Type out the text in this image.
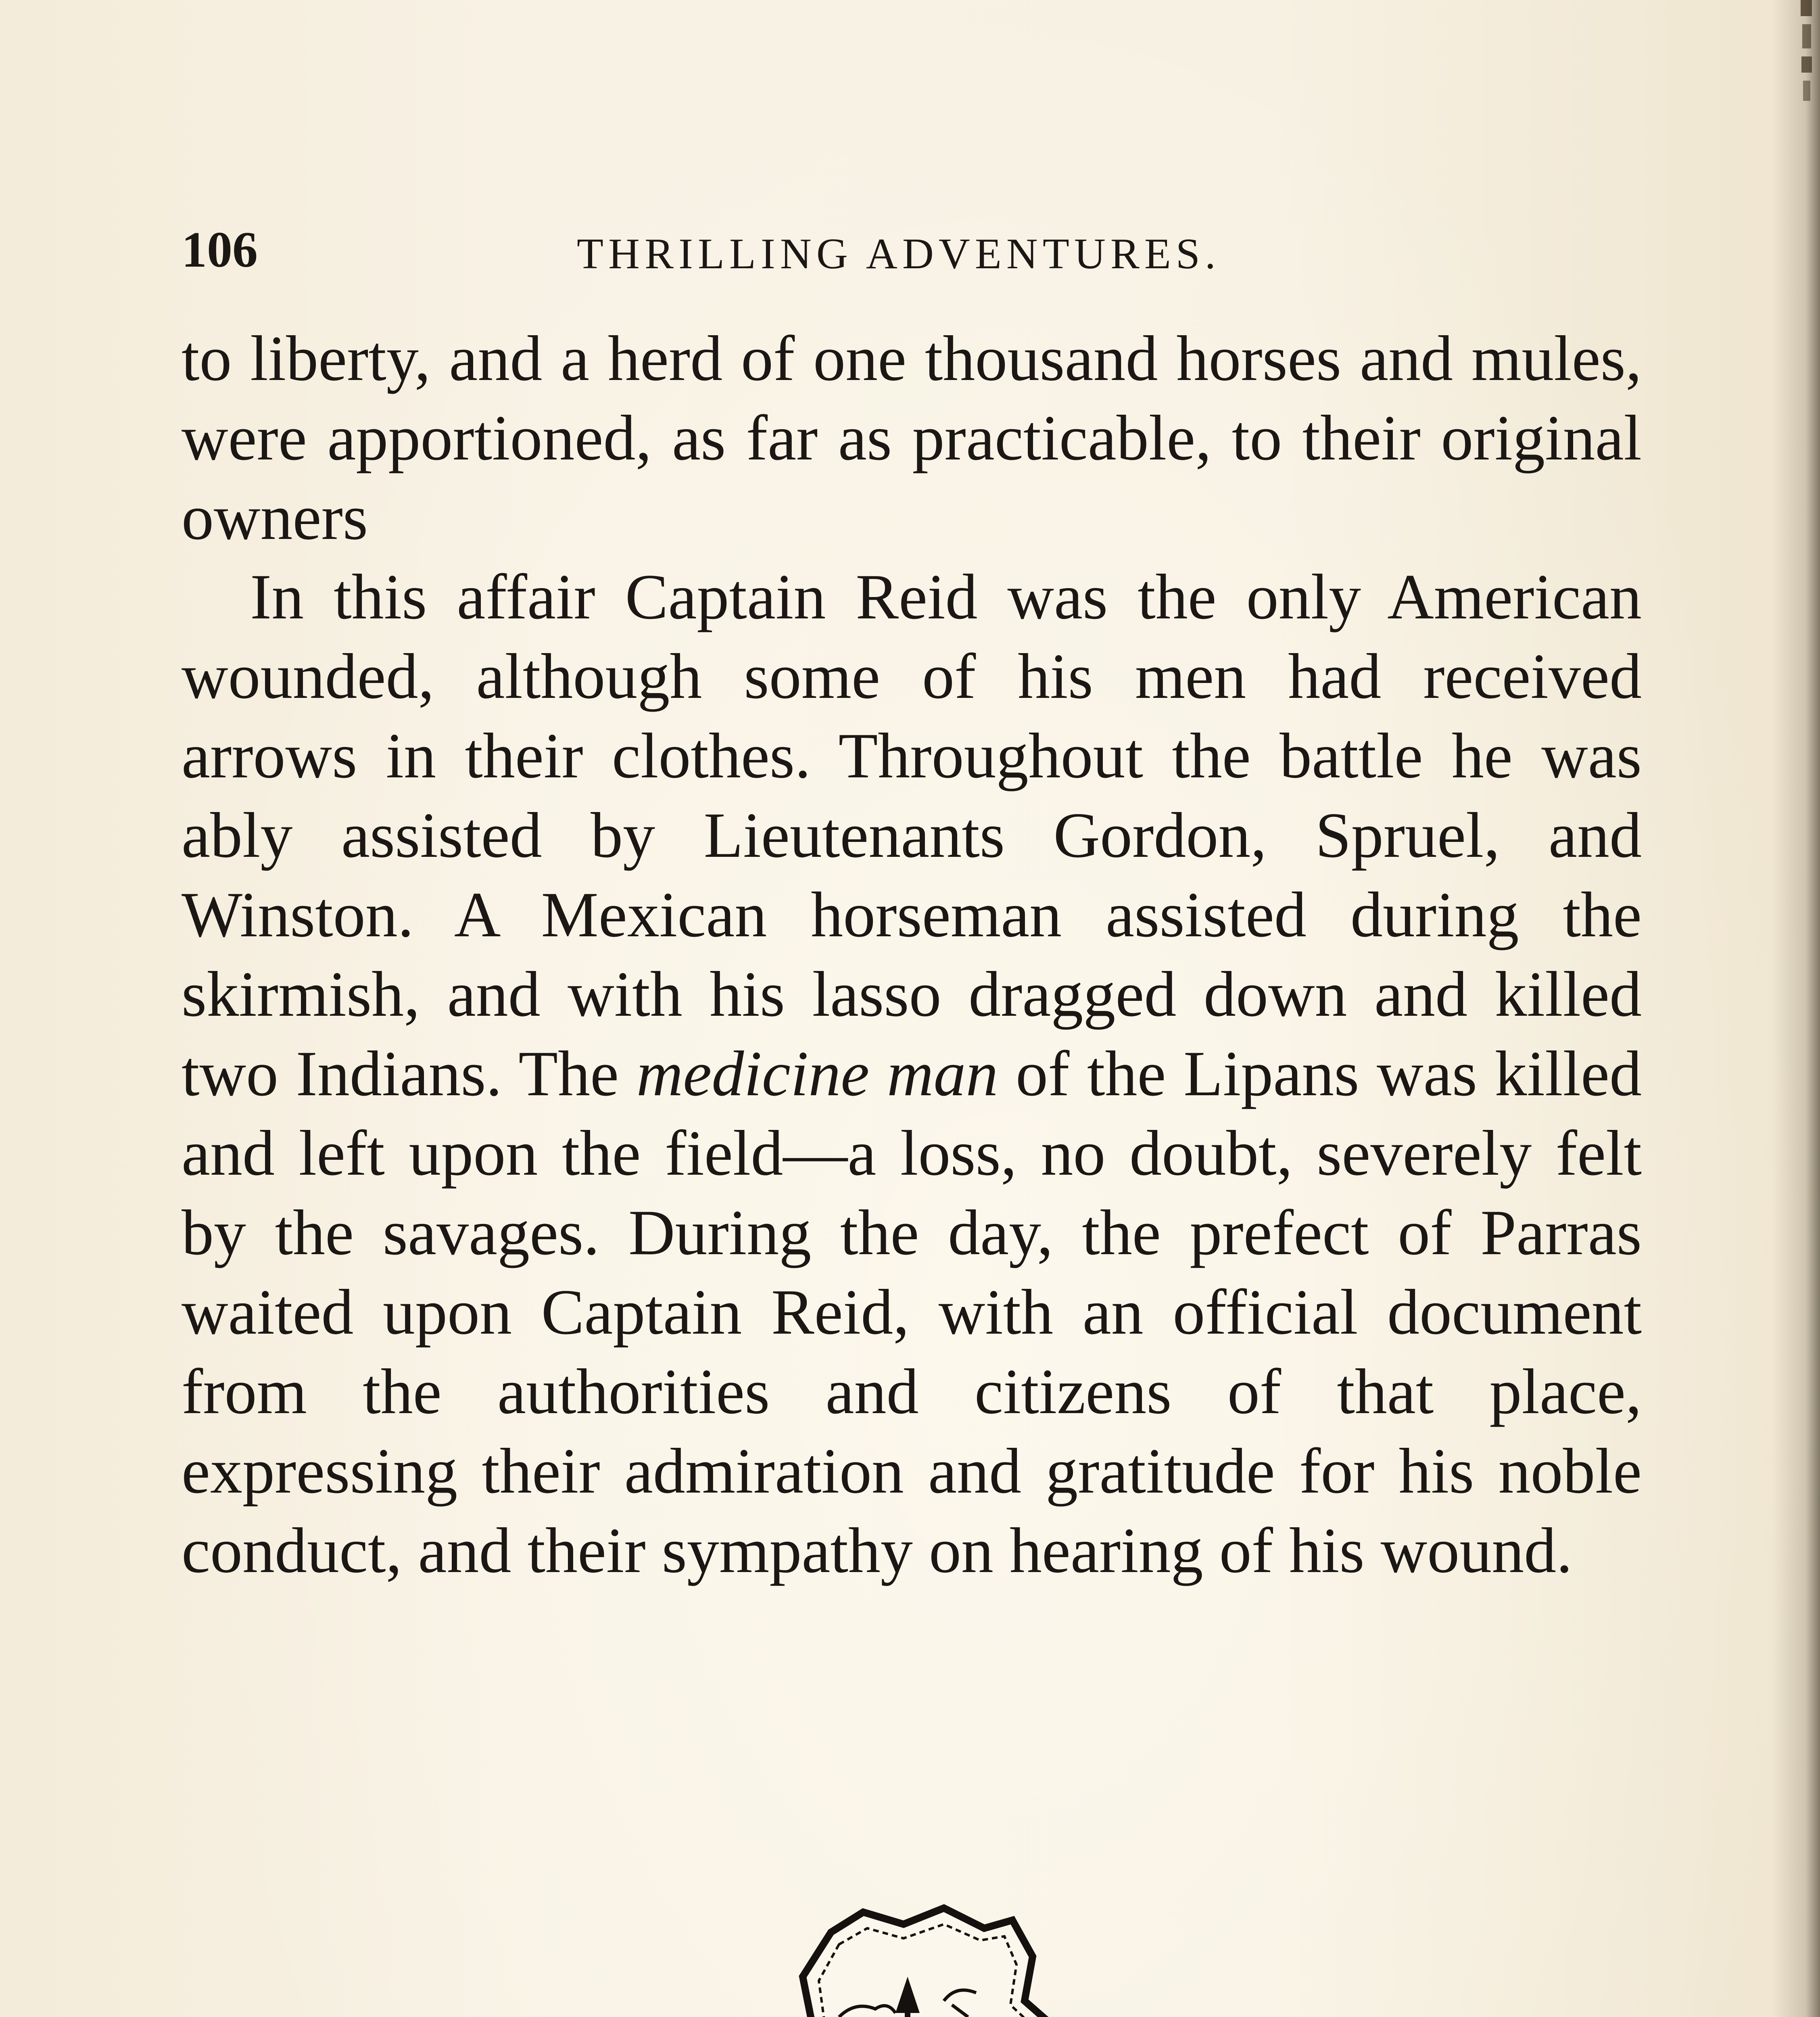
106	THRILLING ADVENTURES.

to liberty, and a herd of one thousand horses and mules, were apportioned, as far as practicable, to their original owners

In this affair Captain Reid was the only American wounded, although some of his men had received arrows in their clothes. Throughout the battle he was ably assisted by Lieutenants Gordon, Spruel, and Winston. A Mexican horseman assisted during the skirmish, and with his lasso dragged down and killed two Indians. The medicine man of the Lipans was killed and left upon the field—a loss, no doubt, severely felt by the savages. During the day, the prefect of Parras waited upon Captain Reid, with an official document from the authorities and citizens of that place, expressing their admiration and gratitude for his noble conduct, and their sympathy on hearing of his wound.
